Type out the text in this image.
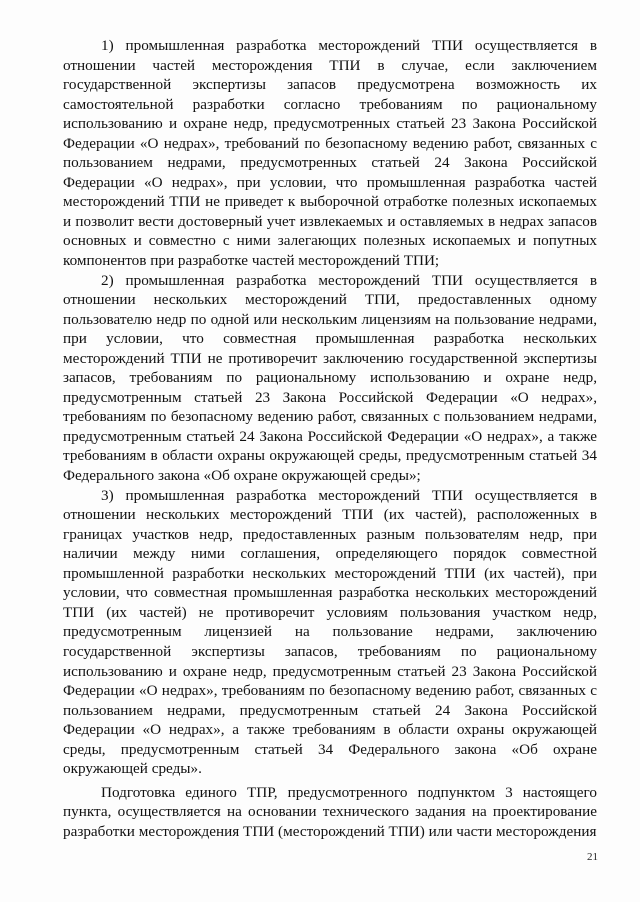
1) промышленная разработка месторождений ТПИ осуществляется в отношении частей месторождения ТПИ в случае, если заключением государственной экспертизы запасов предусмотрена возможность их самостоятельной разработки согласно требованиям по рациональному использованию и охране недр, предусмотренных статьей 23 Закона Российской Федерации «О недрах», требований по безопасному ведению работ, связанных с пользованием недрами, предусмотренных статьей 24 Закона Российской Федерации «О недрах», при условии, что промышленная разработка частей месторождений ТПИ не приведет к выборочной отработке полезных ископаемых и позволит вести достоверный учет извлекаемых и оставляемых в недрах запасов основных и совместно с ними залегающих полезных ископаемых и попутных компонентов при разработке частей месторождений ТПИ;

2) промышленная разработка месторождений ТПИ осуществляется в отношении нескольких месторождений ТПИ, предоставленных одному пользователю недр по одной или нескольким лицензиям на пользование недрами, при условии, что совместная промышленная разработка нескольких месторождений ТПИ не противоречит заключению государственной экспертизы запасов, требованиям по рациональному использованию и охране недр, предусмотренным статьей 23 Закона Российской Федерации «О недрах», требованиям по безопасному ведению работ, связанных с пользованием недрами, предусмотренным статьей 24 Закона Российской Федерации «О недрах», а также требованиям в области охраны окружающей среды, предусмотренным статьей 34 Федерального закона «Об охране окружающей среды»;

3) промышленная разработка месторождений ТПИ осуществляется в отношении нескольких месторождений ТПИ (их частей), расположенных в границах участков недр, предоставленных разным пользователям недр, при наличии между ними соглашения, определяющего порядок совместной промышленной разработки нескольких месторождений ТПИ (их частей), при условии, что совместная промышленная разработка нескольких месторождений ТПИ (их частей) не противоречит условиям пользования участком недр, предусмотренным лицензией на пользование недрами, заключению государственной экспертизы запасов, требованиям по рациональному использованию и охране недр, предусмотренным статьей 23 Закона Российской Федерации «О недрах», требованиям по безопасному ведению работ, связанных с пользованием недрами, предусмотренным статьей 24 Закона Российской Федерации «О недрах», а также требованиям в области охраны окружающей среды, предусмотренным статьей 34 Федерального закона «Об охране окружающей среды».

Подготовка единого ТПР, предусмотренного подпунктом 3 настоящего пункта, осуществляется на основании технического задания на проектирование разработки месторождения ТПИ (месторождений ТПИ) или части месторождения

21
